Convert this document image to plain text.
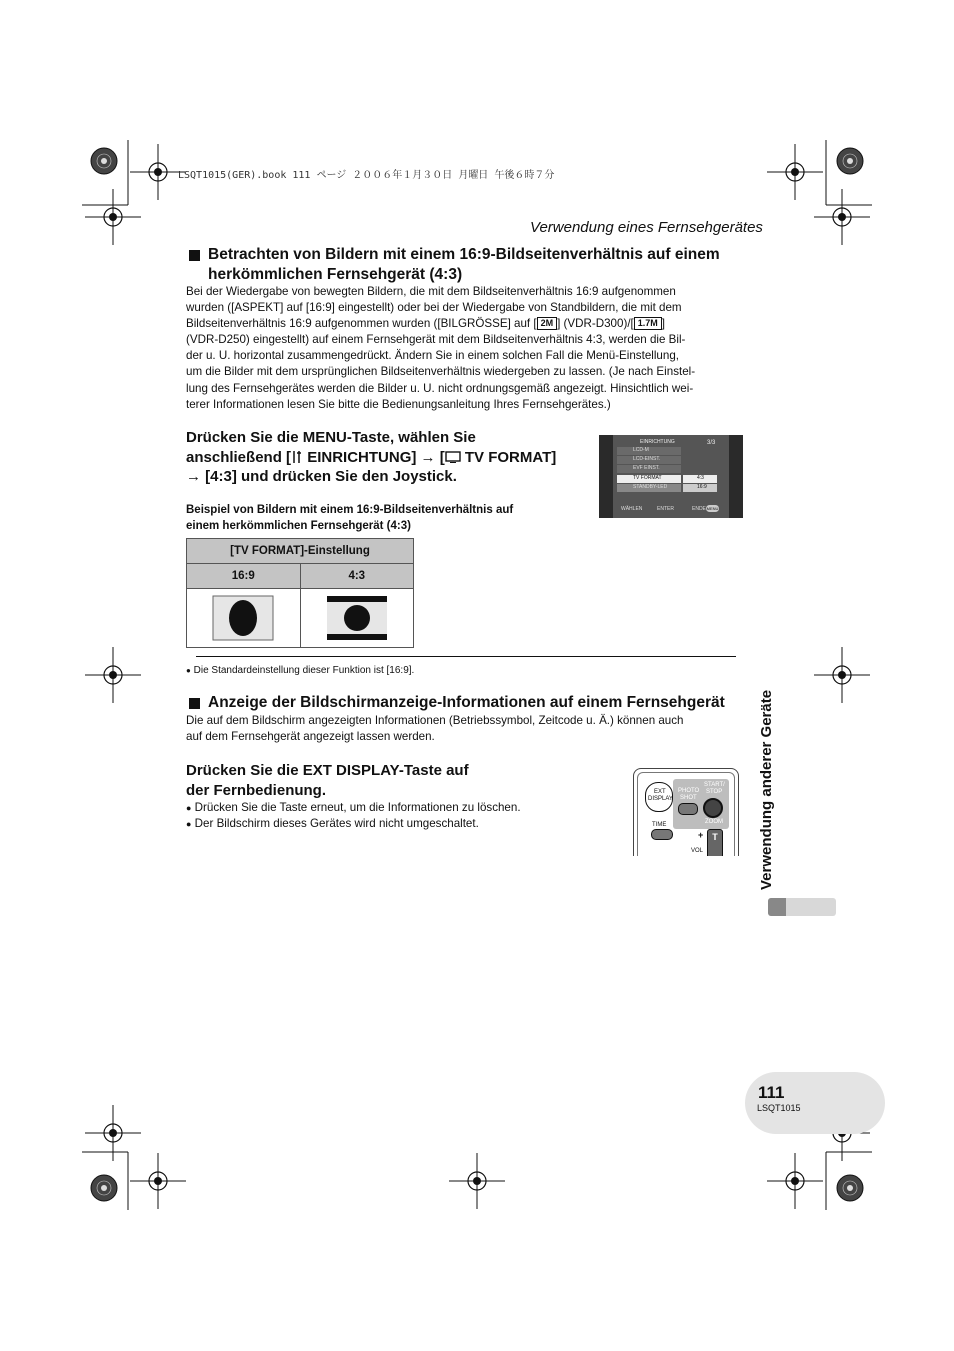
LSQT1015(GER).book 111 ページ ２００６年１月３０日 月曜日 午後６時７分
Verwendung eines Fernsehgerätes
Betrachten von Bildern mit einem 16:9-Bildseitenverhältnis auf einem
herkömmlichen Fernsehgerät (4:3)
Bei der Wiedergabe von bewegten Bildern, die mit dem Bildseitenverhältnis 16:9 aufgenommen
wurden ([ASPEKT] auf [16:9] eingestellt) oder bei der Wiedergabe von Standbildern, die mit dem
Bildseitenverhältnis 16:9 aufgenommen wurden ([BILGRÖSSE] auf [ 2M ] (VDR-D300)/[ 1.7M ]
(VDR-D250) eingestellt) auf einem Fernsehgerät mit dem Bildseitenverhältnis 4:3, werden die Bil-
der u. U. horizontal zusammengedrückt. Ändern Sie in einem solchen Fall die Menü-Einstellung,
um die Bilder mit dem ursprünglichen Bildseitenverhältnis wiedergeben zu lassen. (Je nach Einstel-
lung des Fernsehgerätes werden die Bilder u. U. nicht ordnungsgemäß angezeigt. Hinsichtlich wei-
terer Informationen lesen Sie bitte die Bedienungsanleitung Ihres Fernsehgerätes.)
Drücken Sie die MENU-Taste, wählen Sie
anschließend [ EINRICHTUNG] → [ TV FORMAT]
→ [4:3] und drücken Sie den Joystick.
EINRICHTUNG	3/3
LCD-M
LCD-EINST.
EVF EINST.
TV FORMAT
STANDBY-LED
4:3
16:9
WÄHLEN	ENTER	ENDE MENU
Beispiel von Bildern mit einem 16:9-Bildseitenverhältnis auf
einem herkömmlichen Fernsehgerät (4:3)
[TV FORMAT]-Einstellung	
16:9	4:3

● Die Standardeinstellung dieser Funktion ist [16:9].
Anzeige der Bildschirmanzeige-Informationen auf einem Fernsehgerät
Die auf dem Bildschirm angezeigten Informationen (Betriebssymbol, Zeitcode u. Ä.) können auch
auf dem Fernsehgerät angezeigt lassen werden.
Drücken Sie die EXT DISPLAY-Taste auf
der Fernbedienung.
● Drücken Sie die Taste erneut, um die Informationen zu löschen.
● Der Bildschirm dieses Gerätes wird nicht umgeschaltet.
EXT
DISPLAY
PHOTO
SHOT
START/
STOP
TIME	ZOOM
+ T
VOL	Verwendung anderer Geräte
111
LSQT1015
